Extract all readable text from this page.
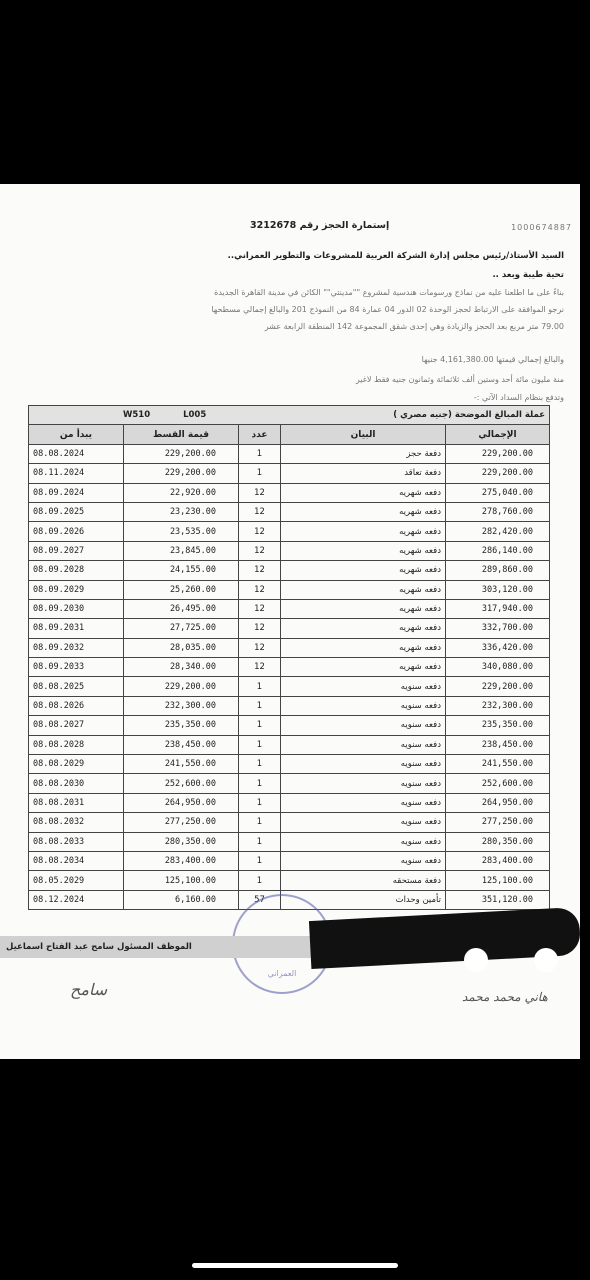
1000674887
إستمارة الحجز رقم 3212678
السيد الأستاذ/رئيس مجلس إدارة الشركة العربية للمشروعات والتطوير العمراني..
تحية طيبة وبعد ..
بناءً على ما اطلعنا عليه من نماذج ورسومات هندسية لمشروع ""مدينتي"" الكائن في مدينة القاهرة الجديدة
نرجو الموافقة على الارتباط لحجز الوحدة 02 الدور 04 عمارة 84 من النموذج 201 والبالغ إجمالي مسطحها
79.00 متر مربع بعد الحجز والزيادة وهي إحدى شقق المجموعة 142 المنطقة الرابعة عشر
والبالغ إجمالي قيمتها 4,161,380.00 جنيها
منة مليون مائة أحد وستين ألف ثلاثمائة وثمانون جنيه فقط لاغير
وتدفع بنظام السداد الآتي :-
W510 L005 عملة المبالغ الموضحة (جنيه مصري )				

يبدأ من	قيمة القسط	عدد	البيان	الإجمالي
08.08.2024	229,200.00	1	دفعة حجز	229,200.00
08.11.2024	229,200.00	1	دفعة تعاقد	229,200.00
08.09.2024	22,920.00	12	دفعه شهريه	275,040.00
08.09.2025	23,230.00	12	دفعه شهريه	278,760.00
08.09.2026	23,535.00	12	دفعه شهريه	282,420.00
08.09.2027	23,845.00	12	دفعه شهريه	286,140.00
08.09.2028	24,155.00	12	دفعه شهريه	289,860.00
08.09.2029	25,260.00	12	دفعه شهريه	303,120.00
08.09.2030	26,495.00	12	دفعه شهريه	317,940.00
08.09.2031	27,725.00	12	دفعه شهريه	332,700.00
08.09.2032	28,035.00	12	دفعه شهريه	336,420.00
08.09.2033	28,340.00	12	دفعه شهريه	340,080.00
08.08.2025	229,200.00	1	دفعه سنويه	229,200.00
08.08.2026	232,300.00	1	دفعه سنويه	232,300.00
08.08.2027	235,350.00	1	دفعه سنويه	235,350.00
08.08.2028	238,450.00	1	دفعه سنويه	238,450.00
08.08.2029	241,550.00	1	دفعه سنويه	241,550.00
08.08.2030	252,600.00	1	دفعه سنويه	252,600.00
08.08.2031	264,950.00	1	دفعه سنويه	264,950.00
08.08.2032	277,250.00	1	دفعه سنويه	277,250.00
08.08.2033	280,350.00	1	دفعه سنويه	280,350.00
08.08.2034	283,400.00	1	دفعه سنويه	283,400.00
08.05.2029	125,100.00	1	دفعة مستحقه	125,100.00
08.12.2024	6,160.00	57	تأمين وحدات	351,120.00
العمراني
الموظف المسئول سامح عبد الفتاح اسماعيل
سامح	هاني محمد محمد
